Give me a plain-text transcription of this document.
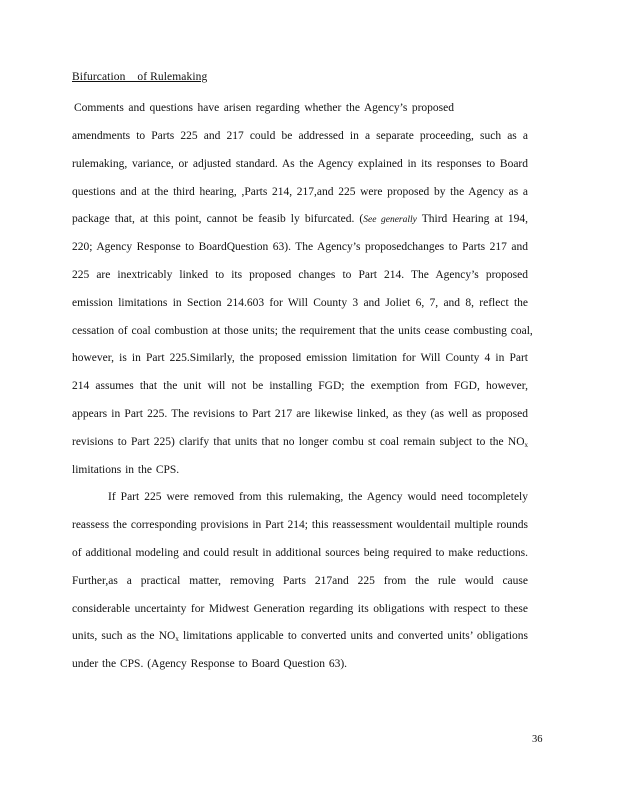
Bifurcation    of Rulemaking
Comments and questions have arisen regarding whether the Agency’s proposed
amendments to Parts 225 and 217 could be addressed in a separate proceeding, such as a
rulemaking, variance, or adjusted standard. As the Agency explained in its responses to Board
questions and at the third hearing, ,Parts 214, 217,and 225 were proposed by the Agency as a
package that, at this point, cannot be feasib ly bifurcated. (See generally Third Hearing at 194,
220; Agency Response to BoardQuestion 63). The Agency’s proposedchanges to Parts 217 and
225 are inextricably linked to its proposed changes to Part 214. The Agency’s proposed
emission limitations in Section 214.603 for Will County 3 and Joliet 6, 7, and 8, reflect the
cessation of coal combustion at those units; the requirement that the units cease combusting coal,
however, is in Part 225.Similarly, the proposed emission limitation for Will County 4 in Part
214 assumes that the unit will not be installing FGD; the exemption from FGD, however,
appears in Part 225. The revisions to Part 217 are likewise linked, as they (as well as proposed
revisions to Part 225) clarify that units that no longer combu st coal remain subject to the $NO_x$
limitations in the CPS.
If Part 225 were removed from this rulemaking, the Agency would need tocompletely
reassess the corresponding provisions in Part 214; this reassessment wouldentail multiple rounds
of additional modeling and could result in additional sources being required to make reductions.
Further,as a practical matter, removing Parts 217and 225 from the rule would cause
considerable uncertainty for Midwest Generation regarding its obligations with respect to these
units, such as the $NO_x$ limitations applicable to converted units and converted units’ obligations
under the CPS. (Agency Response to Board Question 63).
36
